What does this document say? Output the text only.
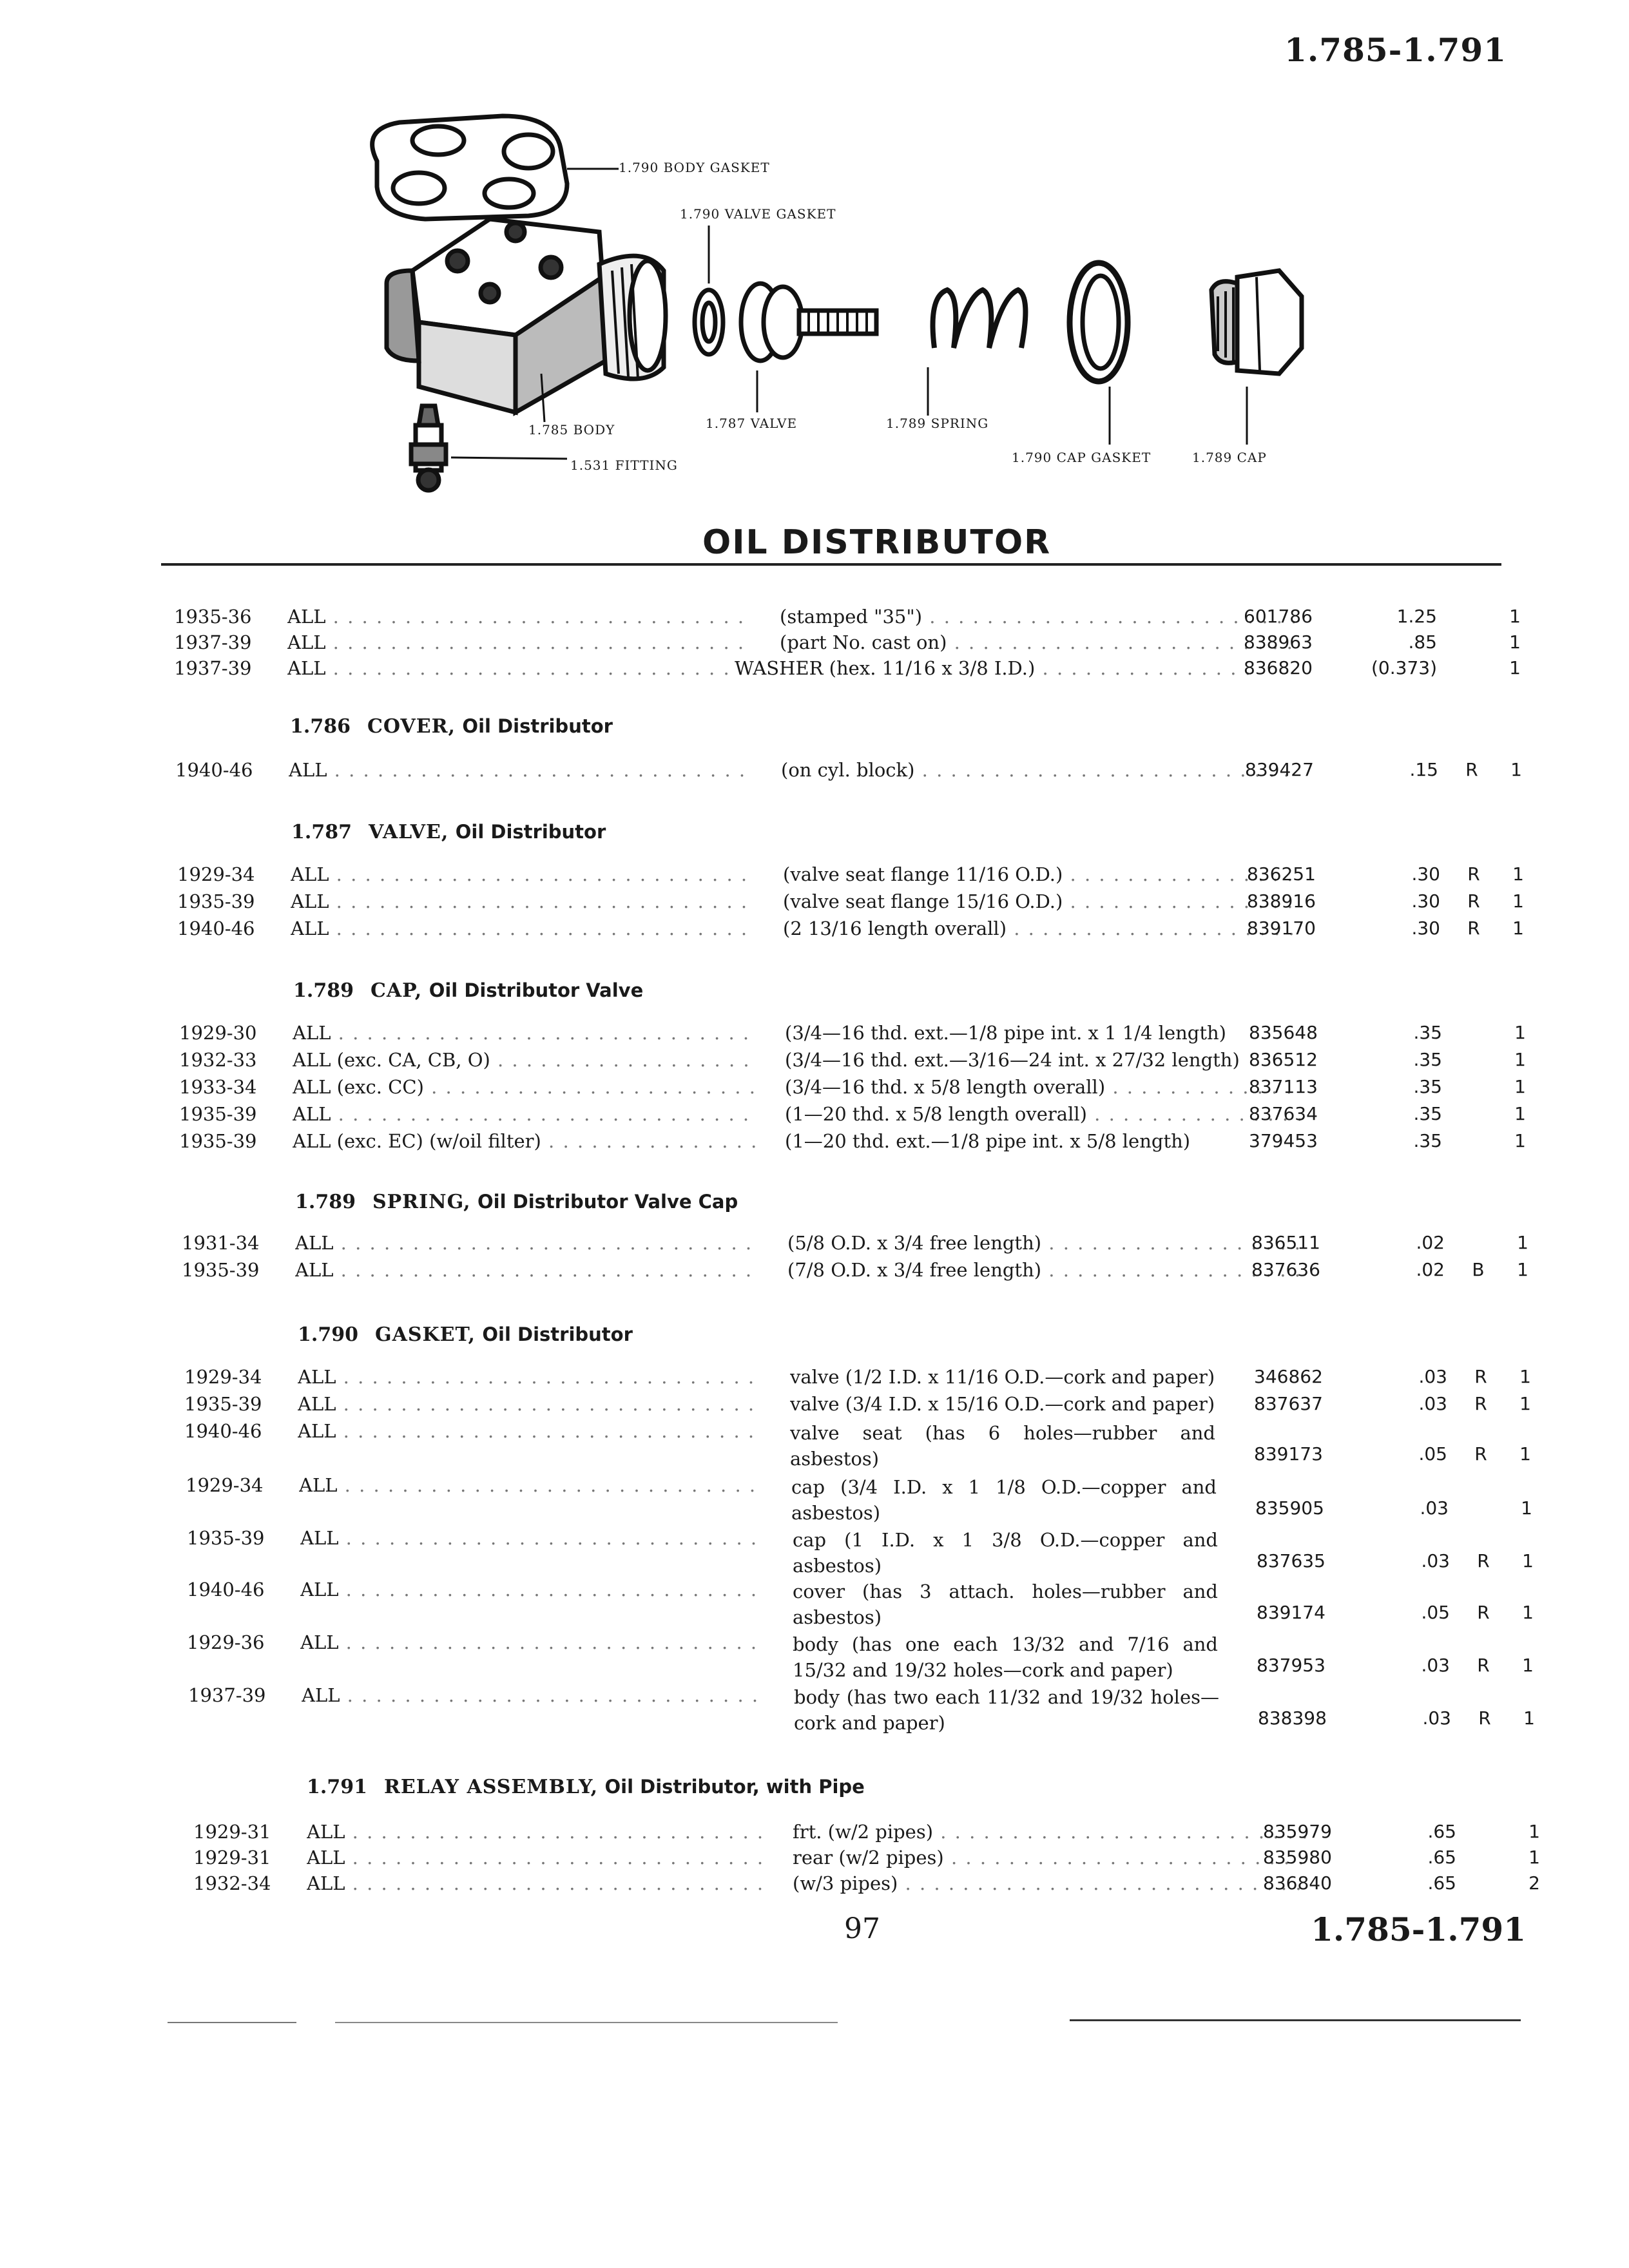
1.785-1.791
1.790 BODY GASKET
1.790 VALVE GASKET
1.785 BODY	1.787 VALVE	1.789 SPRING
1.531 FITTING	1.790 CAP GASKET	1.789 CAP
OIL DISTRIBUTOR
1935-36	ALL . . .	(stamped "35") . . .	601786	1.25	1
1937-39	ALL . . .	(part No. cast on) . . .	838963	.85	1
1937-39	ALL . . .	WASHER (hex. 11/16 x 3/8 I.D.) . . .	836820	(0.373)	1
1.786 COVER, Oil Distributor
1940-46	ALL . . .	(on cyl. block) . . .	839427	.15	R	1
1.787 VALVE, Oil Distributor
1929-34	ALL . . .	(valve seat flange 11/16 O.D.) . . .	836251	.30	R	1
1935-39	ALL . . .	(valve seat flange 15/16 O.D.) . . .	838916	.30	R	1
1940-46	ALL . . .	(2 13/16 length overall) . . .	839170	.30	R	1
1.789 CAP, Oil Distributor Valve
1929-30	ALL . . .	(3/4—16 thd. ext.—1/8 pipe int. x 1 1/4 length)	835648	.35	1
1932-33	ALL (exc. CA, CB, O) . . .	(3/4—16 thd. ext.—3/16—24 int. x 27/32 length) 836512	.35	1
1933-34	ALL (exc. CC) . . .	(3/4—16 thd. x 5/8 length overall) . . .	837113	.35	1
1935-39	ALL . . .	(1—20 thd. x 5/8 length overall) . . .	837634	.35	1
1935-39	ALL (exc. EC) (w/oil filter) . . .	(1—20 thd. ext.—1/8 pipe int. x 5/8 length)	379453	.35	1
1.789 SPRING, Oil Distributor Valve Cap
1931-34	ALL . . .	(5/8 O.D. x 3/4 free length) . . .	836511	.02	1
1935-39	ALL . . .	(7/8 O.D. x 3/4 free length) . . .	837636	.02	B	1
1.790 GASKET, Oil Distributor
1929-34	ALL . . .	valve (1/2 I.D. x 11/16 O.D.—cork and paper)	346862	.03	R	1
1935-39	ALL . . .	valve (3/4 I.D. x 15/16 O.D.—cork and paper)	837637	.03	R	1
1940-46	ALL . . .	valve seat (has 6 holes—rubber and asbestos)	839173	.05	R	1
1929-34	ALL . . .	cap (3/4 I.D. x 1 1/8 O.D.—copper and asbestos)	835905	.03	1
1935-39	ALL . . .	cap (1 I.D. x 1 3/8 O.D.—copper and asbestos)	837635	.03	R	1
1940-46	ALL . . .	cover (has 3 attach. holes—rubber and asbestos)	839174	.05	R	1
1929-36	ALL . . .	body (has one each 13/32 and 7/16 and 15/32 and 19/32 holes—cork and paper)	837953	.03	R	1
1937-39	ALL . . .	body (has two each 11/32 and 19/32 holes—cork and paper)	838398	.03	R	1
1.791 RELAY ASSEMBLY, Oil Distributor, with Pipe
1929-31	ALL . . .	frt. (w/2 pipes) . . .	835979	.65	1
1929-31	ALL . . .	rear (w/2 pipes) . . .	835980	.65	1
1932-34	ALL . . .	(w/3 pipes) . . .	836840	.65	2
97	1.785-1.791
